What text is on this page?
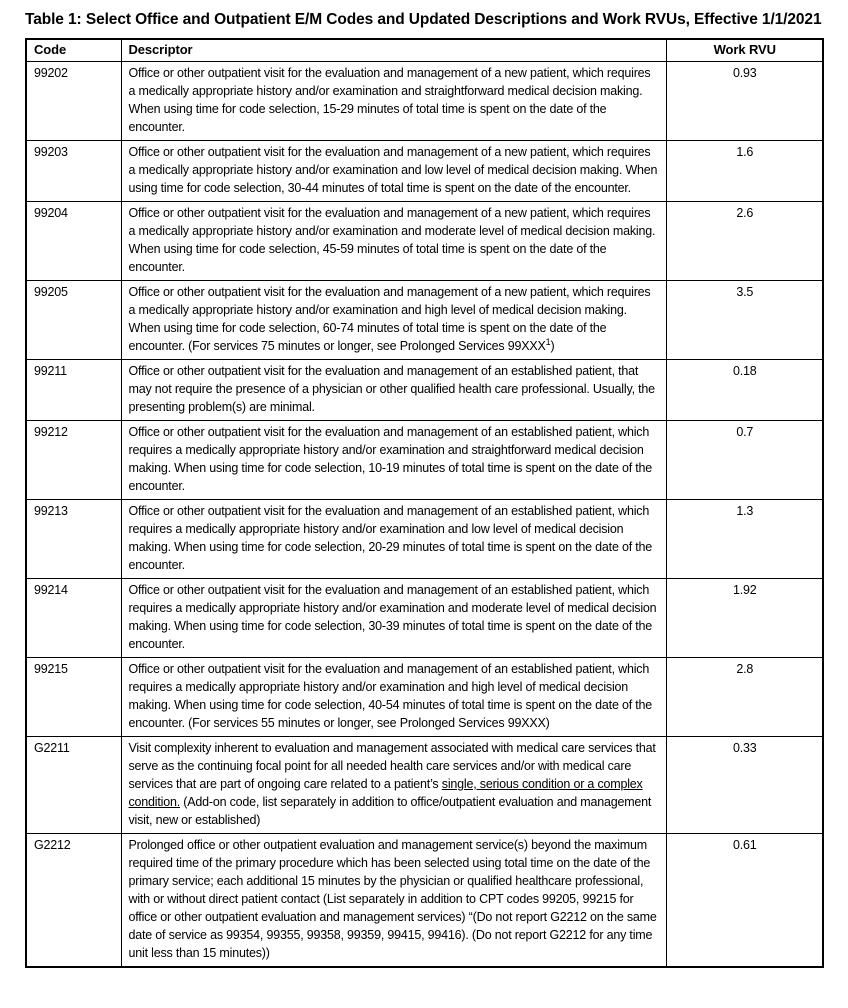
Table 1: Select Office and Outpatient E/M Codes and Updated Descriptions and Work RVUs, Effective 1/1/2021

Code	Descriptor	Work RVU
99202	Office or other outpatient visit for the evaluation and management of a new patient, which requires a medically appropriate history and/or examination and straightforward medical decision making. When using time for code selection, 15-29 minutes of total time is spent on the date of the encounter.	0.93
99203	Office or other outpatient visit for the evaluation and management of a new patient, which requires a medically appropriate history and/or examination and low level of medical decision making. When using time for code selection, 30-44 minutes of total time is spent on the date of the encounter.	1.6
99204	Office or other outpatient visit for the evaluation and management of a new patient, which requires a medically appropriate history and/or examination and moderate level of medical decision making. When using time for code selection, 45-59 minutes of total time is spent on the date of the encounter.	2.6
99205	Office or other outpatient visit for the evaluation and management of a new patient, which requires a medically appropriate history and/or examination and high level of medical decision making. When using time for code selection, 60-74 minutes of total time is spent on the date of the encounter. (For services 75 minutes or longer, see Prolonged Services 99XXX$^1$)	3.5
99211	Office or other outpatient visit for the evaluation and management of an established patient, that may not require the presence of a physician or other qualified health care professional. Usually, the presenting problem(s) are minimal.	0.18
99212	Office or other outpatient visit for the evaluation and management of an established patient, which requires a medically appropriate history and/or examination and straightforward medical decision making. When using time for code selection, 10-19 minutes of total time is spent on the date of the encounter.	0.7
99213	Office or other outpatient visit for the evaluation and management of an established patient, which requires a medically appropriate history and/or examination and low level of medical decision making. When using time for code selection, 20-29 minutes of total time is spent on the date of the encounter.	1.3
99214	Office or other outpatient visit for the evaluation and management of an established patient, which requires a medically appropriate history and/or examination and moderate level of medical decision making. When using time for code selection, 30-39 minutes of total time is spent on the date of the encounter.	1.92
99215	Office or other outpatient visit for the evaluation and management of an established patient, which requires a medically appropriate history and/or examination and high level of medical decision making. When using time for code selection, 40-54 minutes of total time is spent on the date of the encounter. (For services 55 minutes or longer, see Prolonged Services 99XXX)	2.8
G2211	Visit complexity inherent to evaluation and management associated with medical care services that serve as the continuing focal point for all needed health care services and/or with medical care services that are part of ongoing care related to a patient’s single, serious condition or a complex condition. (Add-on code, list separately in addition to office/outpatient evaluation and management visit, new or established)	0.33
G2212	Prolonged office or other outpatient evaluation and management service(s) beyond the maximum required time of the primary procedure which has been selected using total time on the date of the primary service; each additional 15 minutes by the physician or qualified healthcare professional, with or without direct patient contact (List separately in addition to CPT codes 99205, 99215 for office or other outpatient evaluation and management services) “(Do not report G2212 on the same date of service as 99354, 99355, 99358, 99359, 99415, 99416). (Do not report G2212 for any time unit less than 15 minutes))	0.61
